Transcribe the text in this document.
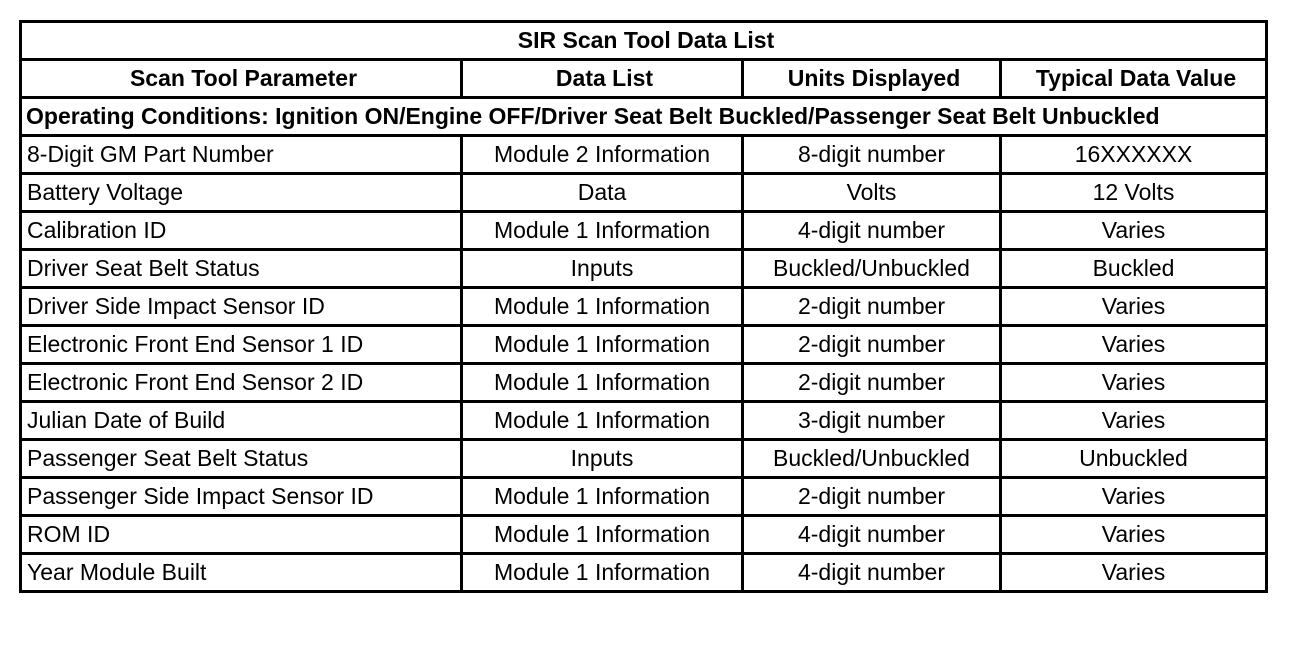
SIR Scan Tool Data List			
Scan Tool Parameter	Data List	Units Displayed	Typical Data Value
Operating Conditions: Ignition ON/Engine OFF/Driver Seat Belt Buckled/Passenger Seat Belt Unbuckled			
8-Digit GM Part Number	Module 2 Information	8-digit number	16XXXXXX
Battery Voltage	Data	Volts	12 Volts
Calibration ID	Module 1 Information	4-digit number	Varies
Driver Seat Belt Status	Inputs	Buckled/Unbuckled	Buckled
Driver Side Impact Sensor ID	Module 1 Information	2-digit number	Varies
Electronic Front End Sensor 1 ID	Module 1 Information	2-digit number	Varies
Electronic Front End Sensor 2 ID	Module 1 Information	2-digit number	Varies
Julian Date of Build	Module 1 Information	3-digit number	Varies
Passenger Seat Belt Status	Inputs	Buckled/Unbuckled	Unbuckled
Passenger Side Impact Sensor ID	Module 1 Information	2-digit number	Varies
ROM ID	Module 1 Information	4-digit number	Varies
Year Module Built	Module 1 Information	4-digit number	Varies
